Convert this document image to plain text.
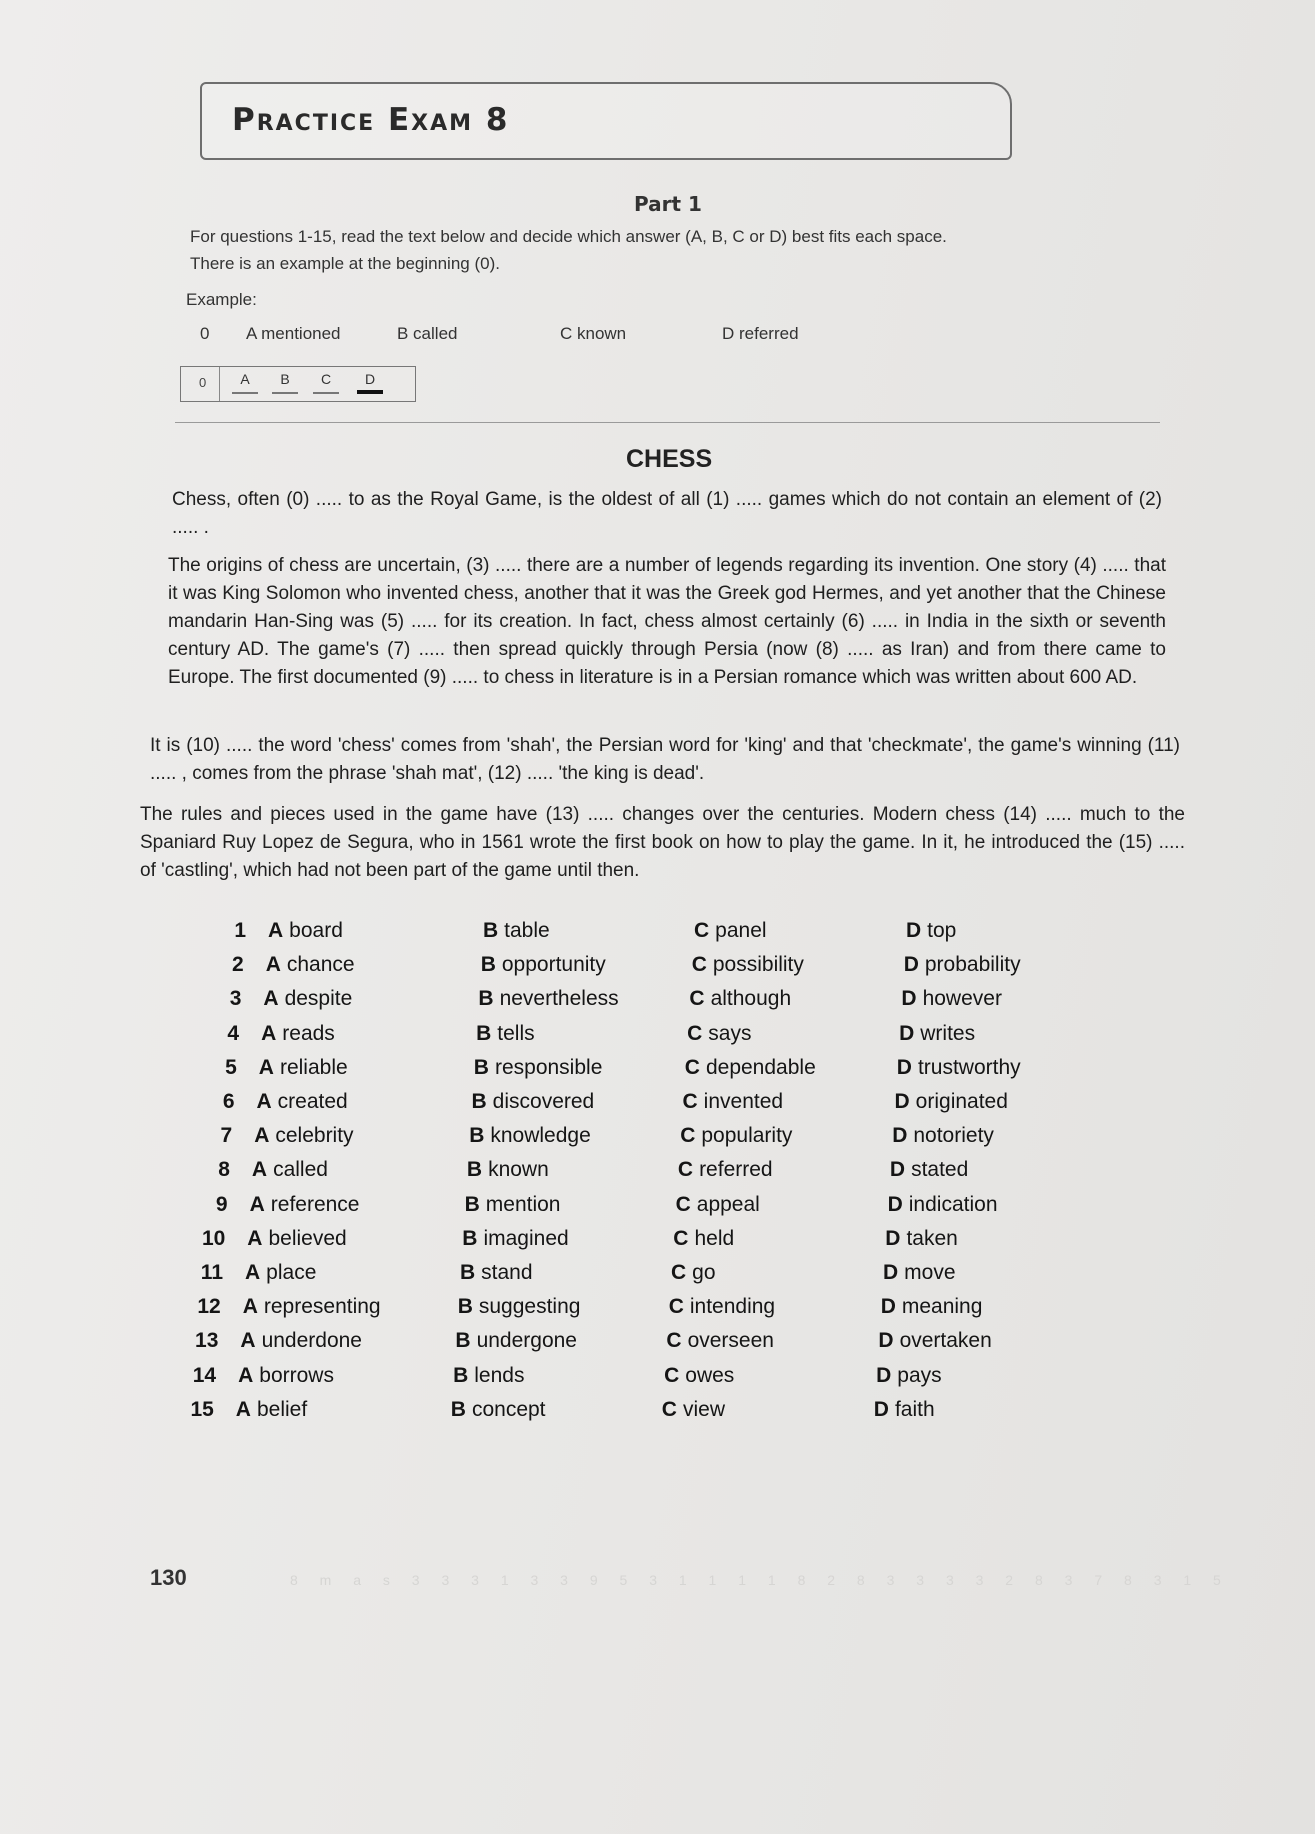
Practice Exam 8
Part 1
For questions 1-15, read the text below and decide which answer (A, B, C or D) best fits each space.
There is an example at the beginning (0).
Example:
0 A mentioned	B called	C known	D referred
0	A	B	C	D
CHESS
Chess, often (0) ..... to as the Royal Game, is the oldest of all (1) ..... games which do not contain an element of (2) ..... .
The origins of chess are uncertain, (3) ..... there are a number of legends regarding its invention. One story (4) ..... that it was King Solomon who invented chess, another that it was the Greek god Hermes, and yet another that the Chinese mandarin Han-Sing was (5) ..... for its creation. In fact, chess almost certainly (6) ..... in India in the sixth or seventh century AD. The game's (7) ..... then spread quickly through Persia (now (8) ..... as Iran) and from there came to Europe. The first documented (9) ..... to chess in literature is in a Persian romance which was written about 600 AD.
It is (10) ..... the word 'chess' comes from 'shah', the Persian word for 'king' and that 'checkmate', the game's winning (11) ..... , comes from the phrase 'shah mat', (12) ..... 'the king is dead'.
The rules and pieces used in the game have (13) ..... changes over the centuries. Modern chess (14) ..... much to the Spaniard Ruy Lopez de Segura, who in 1561 wrote the first book on how to play the game. In it, he introduced the (15) ..... of 'castling', which had not been part of the game until then.
1 A board	B table	C panel	D top
2 A chance	B opportunity	C possibility	D probability
3 A despite	B nevertheless	C although	D however
4 A reads	B tells	C says	D writes
5 A reliable	B responsible	C dependable	D trustworthy
6 A created	B discovered	C invented	D originated
7 A celebrity	B knowledge	C popularity	D notoriety
8 A called	B known	C referred	D stated
9 A reference	B mention	C appeal	D indication
10 A believed	B imagined	C held	D taken
11 A place	B stand	C go	D move
12 A representing	B suggesting	C intending	D meaning
13 A underdone	B undergone	C overseen	D overtaken
14 A borrows	B lends	C owes	D pays
15 A belief	B concept	C view	D faith
130	8 m a s 3 3 3 1 3 3 9 5 3 1 1 1 1 8 2 8 3 3 3 3 2 8 3 7 8 3 1 5
